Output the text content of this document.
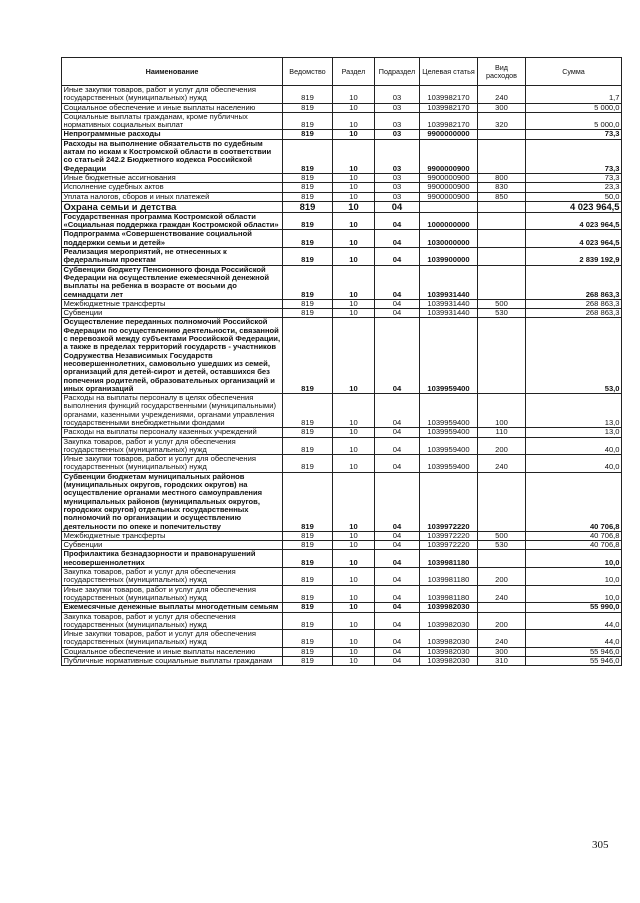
Наименование	Ведомство	Раздел	Подраздел	Целевая статья	Вид расходов	Сумма
Иные закупки товаров, работ и услуг для обеспечения государственных (муниципальных) нужд	819	10	03	1039982170	240	1,7
Социальное обеспечение и иные выплаты населению	819	10	03	1039982170	300	5 000,0
Социальные выплаты гражданам, кроме публичных нормативных социальных выплат	819	10	03	1039982170	320	5 000,0
Непрограммные расходы	819	10	03	9900000000		73,3
Расходы на выполнение обязательств по судебным актам по искам к Костромской области в соответствии со статьей 242.2 Бюджетного кодекса Российской Федерации	819	10	03	9900000900		73,3
Иные бюджетные ассигнования	819	10	03	9900000900	800	73,3
Исполнение судебных актов	819	10	03	9900000900	830	23,3
Уплата налогов, сборов и иных платежей	819	10	03	9900000900	850	50,0
Охрана семьи и детства	819	10	04			4 023 964,5
Государственная программа Костромской области «Социальная поддержка граждан Костромской области»	819	10	04	1000000000		4 023 964,5
Подпрограмма «Совершенствование социальной поддержки семьи и детей»	819	10	04	1030000000		4 023 964,5
Реализация мероприятий, не отнесенных к федеральным проектам	819	10	04	1039900000		2 839 192,9
Субвенции бюджету Пенсионного фонда Российской Федерации на осуществление ежемесячной денежной выплаты на ребенка в возрасте от восьми до семнадцати лет	819	10	04	1039931440		268 863,3
Межбюджетные трансферты	819	10	04	1039931440	500	268 863,3
Субвенции	819	10	04	1039931440	530	268 863,3
Осуществление переданных полномочий Российской Федерации по осуществлению деятельности, связанной с перевозкой между субъектами Российской Федерации, а также в пределах территорий государств - участников Содружества Независимых Государств несовершеннолетних, самовольно ушедших из семей, организаций для детей-сирот и детей, оставшихся без попечения родителей, образовательных организаций и иных организаций	819	10	04	1039959400		53,0
Расходы на выплаты персоналу в целях обеспечения выполнения функций государственными (муниципальными) органами, казенными учреждениями, органами управления государственными внебюджетными фондами	819	10	04	1039959400	100	13,0
Расходы на выплаты персоналу казенных учреждений	819	10	04	1039959400	110	13,0
Закупка товаров, работ и услуг для обеспечения государственных (муниципальных) нужд	819	10	04	1039959400	200	40,0
Иные закупки товаров, работ и услуг для обеспечения государственных (муниципальных) нужд	819	10	04	1039959400	240	40,0
Субвенции бюджетам муниципальных районов (муниципальных округов, городских округов) на осуществление органами местного самоуправления муниципальных районов (муниципальных округов, городских округов) отдельных государственных полномочий по организации и осуществлению деятельности по опеке и попечительству	819	10	04	1039972220		40 706,8
Межбюджетные трансферты	819	10	04	1039972220	500	40 706,8
Субвенции	819	10	04	1039972220	530	40 706,8
Профилактика безнадзорности и правонарушений несовершеннолетних	819	10	04	1039981180		10,0
Закупка товаров, работ и услуг для обеспечения государственных (муниципальных) нужд	819	10	04	1039981180	200	10,0
Иные закупки товаров, работ и услуг для обеспечения государственных (муниципальных) нужд	819	10	04	1039981180	240	10,0
Ежемесячные денежные выплаты многодетным семьям	819	10	04	1039982030		55 990,0
Закупка товаров, работ и услуг для обеспечения государственных (муниципальных) нужд	819	10	04	1039982030	200	44,0
Иные закупки товаров, работ и услуг для обеспечения государственных (муниципальных) нужд	819	10	04	1039982030	240	44,0
Социальное обеспечение и иные выплаты населению	819	10	04	1039982030	300	55 946,0
Публичные нормативные социальные выплаты гражданам	819	10	04	1039982030	310	55 946,0
305
